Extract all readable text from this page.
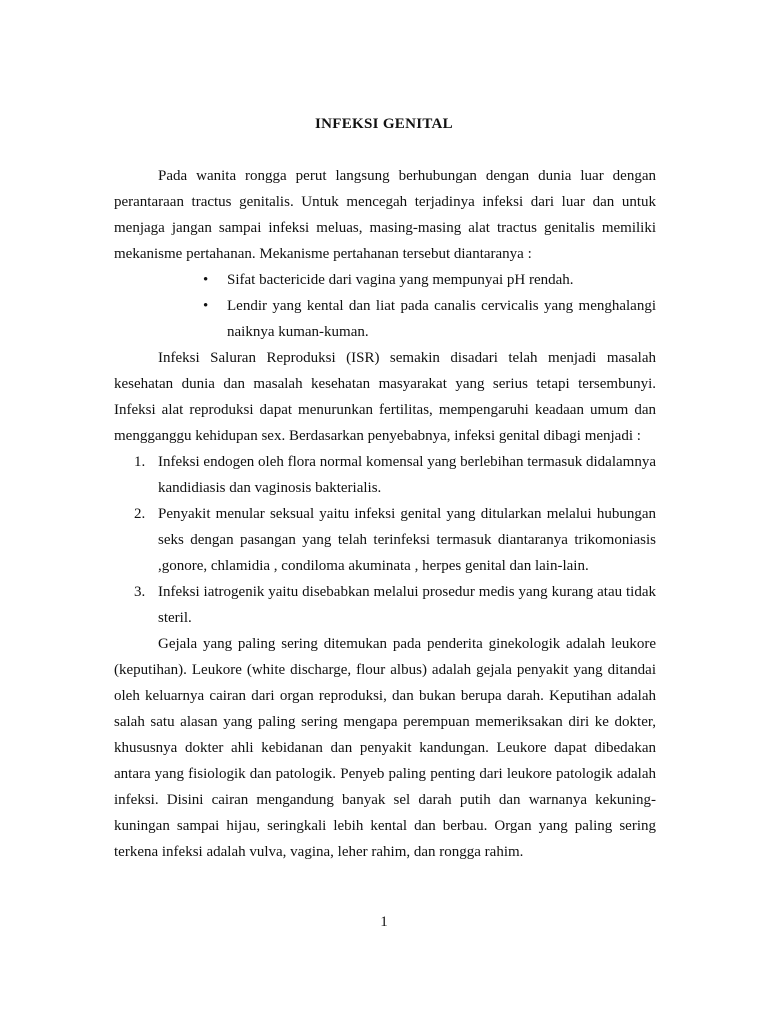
INFEKSI GENITAL

Pada wanita rongga perut langsung berhubungan dengan dunia luar dengan perantaraan tractus genitalis. Untuk mencegah terjadinya infeksi dari luar dan untuk menjaga jangan sampai infeksi meluas, masing-masing alat tractus genitalis memiliki mekanisme pertahanan. Mekanisme pertahanan tersebut diantaranya :

• Sifat bactericide dari vagina yang mempunyai pH rendah.
• Lendir yang kental dan liat pada canalis cervicalis yang menghalangi naiknya kuman-kuman.

Infeksi Saluran Reproduksi (ISR) semakin disadari telah menjadi masalah kesehatan dunia dan masalah kesehatan masyarakat yang serius tetapi tersembunyi. Infeksi alat reproduksi dapat menurunkan fertilitas, mempengaruhi keadaan umum dan mengganggu kehidupan sex. Berdasarkan penyebabnya, infeksi genital dibagi menjadi :

1. Infeksi endogen oleh flora normal komensal yang berlebihan termasuk didalamnya kandidiasis dan vaginosis bakterialis.
2. Penyakit menular seksual yaitu infeksi genital yang ditularkan melalui hubungan seks dengan pasangan yang telah terinfeksi termasuk diantaranya trikomoniasis ,gonore, chlamidia , condiloma akuminata , herpes genital dan lain-lain.
3. Infeksi iatrogenik yaitu disebabkan melalui prosedur medis yang kurang atau tidak steril.

Gejala yang paling sering ditemukan pada penderita ginekologik adalah leukore (keputihan). Leukore (white discharge, flour albus) adalah gejala penyakit yang ditandai oleh keluarnya cairan dari organ reproduksi, dan bukan berupa darah. Keputihan adalah salah satu alasan yang paling sering mengapa perempuan memeriksakan diri ke dokter, khususnya dokter ahli kebidanan dan penyakit kandungan. Leukore dapat dibedakan antara yang fisiologik dan patologik. Penyeb paling penting dari leukore patologik adalah infeksi. Disini cairan mengandung banyak sel darah putih dan warnanya kekuning-kuningan sampai hijau, seringkali lebih kental dan berbau. Organ yang paling sering terkena infeksi adalah vulva, vagina, leher rahim, dan rongga rahim.

1
